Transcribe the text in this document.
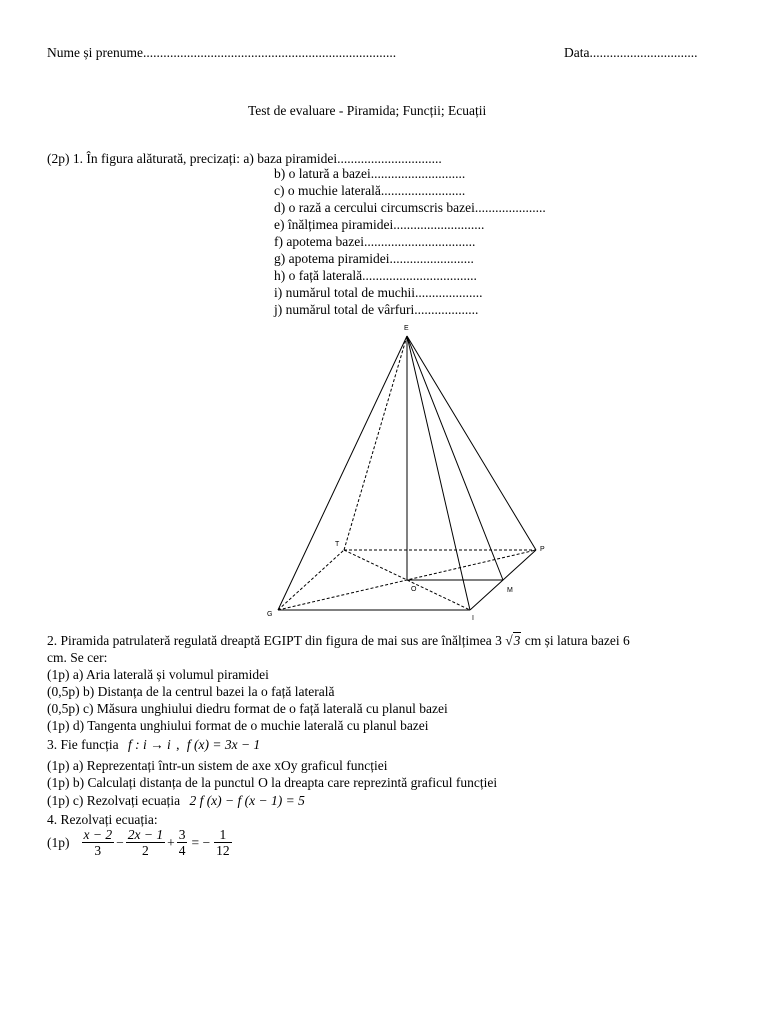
Nume și prenume...........................................................................	Data................................
Test de evaluare - Piramida; Funcții; Ecuații
(2p) 1. În figura alăturată, precizați: a) baza piramidei...............................
b) o latură a bazei............................
c) o muchie laterală.........................
d) o rază a cercului circumscris bazei.....................
e) înălțimea piramidei...........................
f) apotema bazei.................................
g) apotema piramidei.........................
h) o față laterală..................................
i) numărul total de muchii....................
j) numărul total de vârfuri...................
E
T
P
O	M
G
I
2. Piramida patrulateră regulată dreaptă EGIPT din figura de mai sus are înălțimea 3 √3 cm și latura bazei 6
cm. Se cer:
(1p) a) Aria laterală și volumul piramidei
(0,5p) b) Distanța de la centrul bazei la o față laterală
(0,5p) c) Măsura unghiului diedru format de o față laterală cu planul bazei
(1p) d) Tangenta unghiului format de o muchie laterală cu planul bazei
3. Fie funcția f : i → i , f (x) = 3x − 1
(1p) a) Reprezentați într-un sistem de axe xOy graficul funcției
(1p) b) Calculați distanța de la punctul O la dreapta care reprezintă graficul funcției
(1p) c) Rezolvați ecuația 2 f (x) − f (x − 1) = 5
4. Rezolvați ecuația:
$(1p) \frac{x - 2}{3} - \frac{2x - 1}{2} + \frac{3}{4}$ = − $\frac{1}{12}$
